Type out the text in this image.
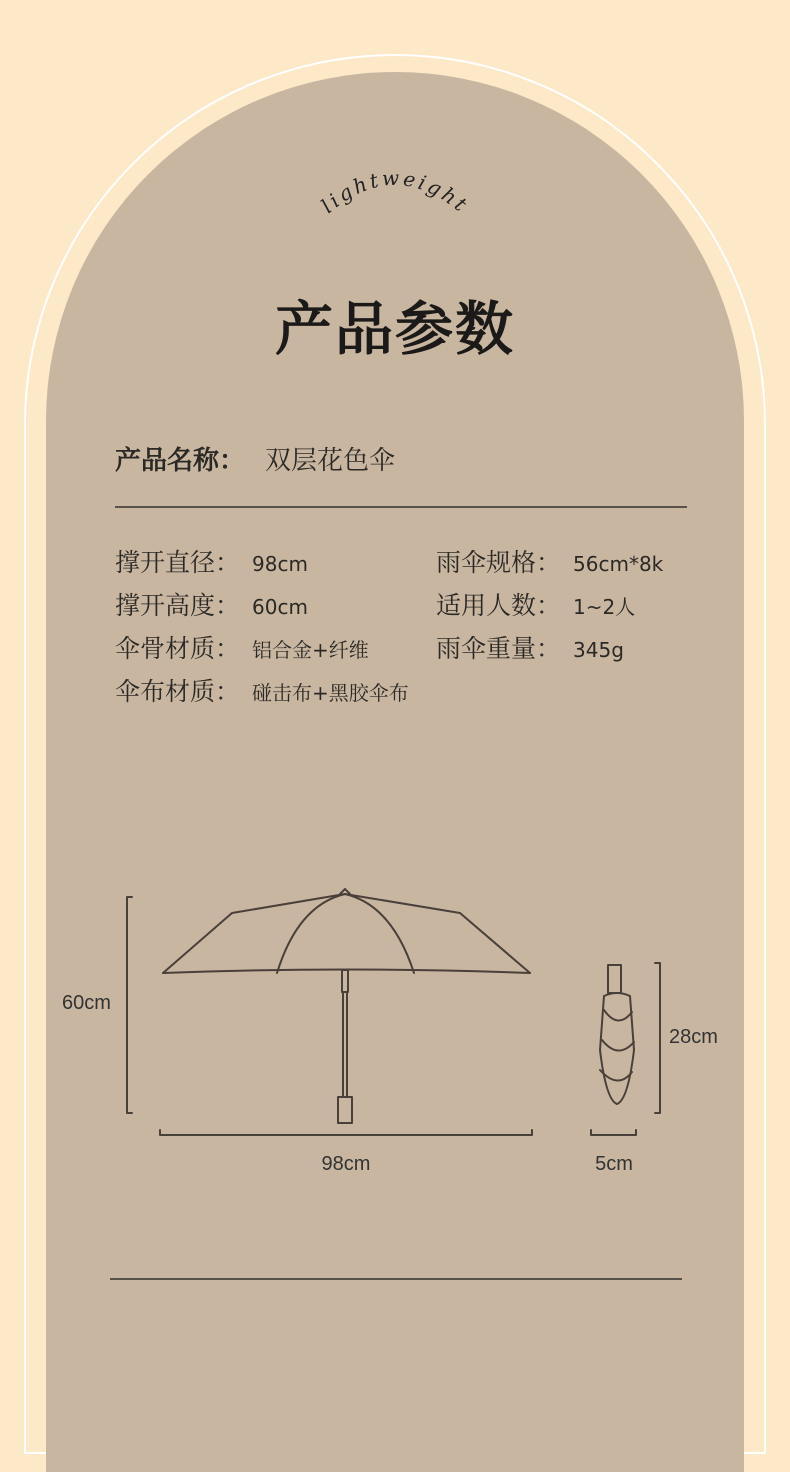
lightweight
产品参数
产品名称： 双层花色伞
撑开直径： 98cm	雨伞规格： 56cm*8k
撑开高度： 60cm	适用人数： 1~2人
伞骨材质： 铝合金+纤维	雨伞重量： 345g
伞布材质： 碰击布+黑胶伞布
60cm
98cm
28cm
5cm
